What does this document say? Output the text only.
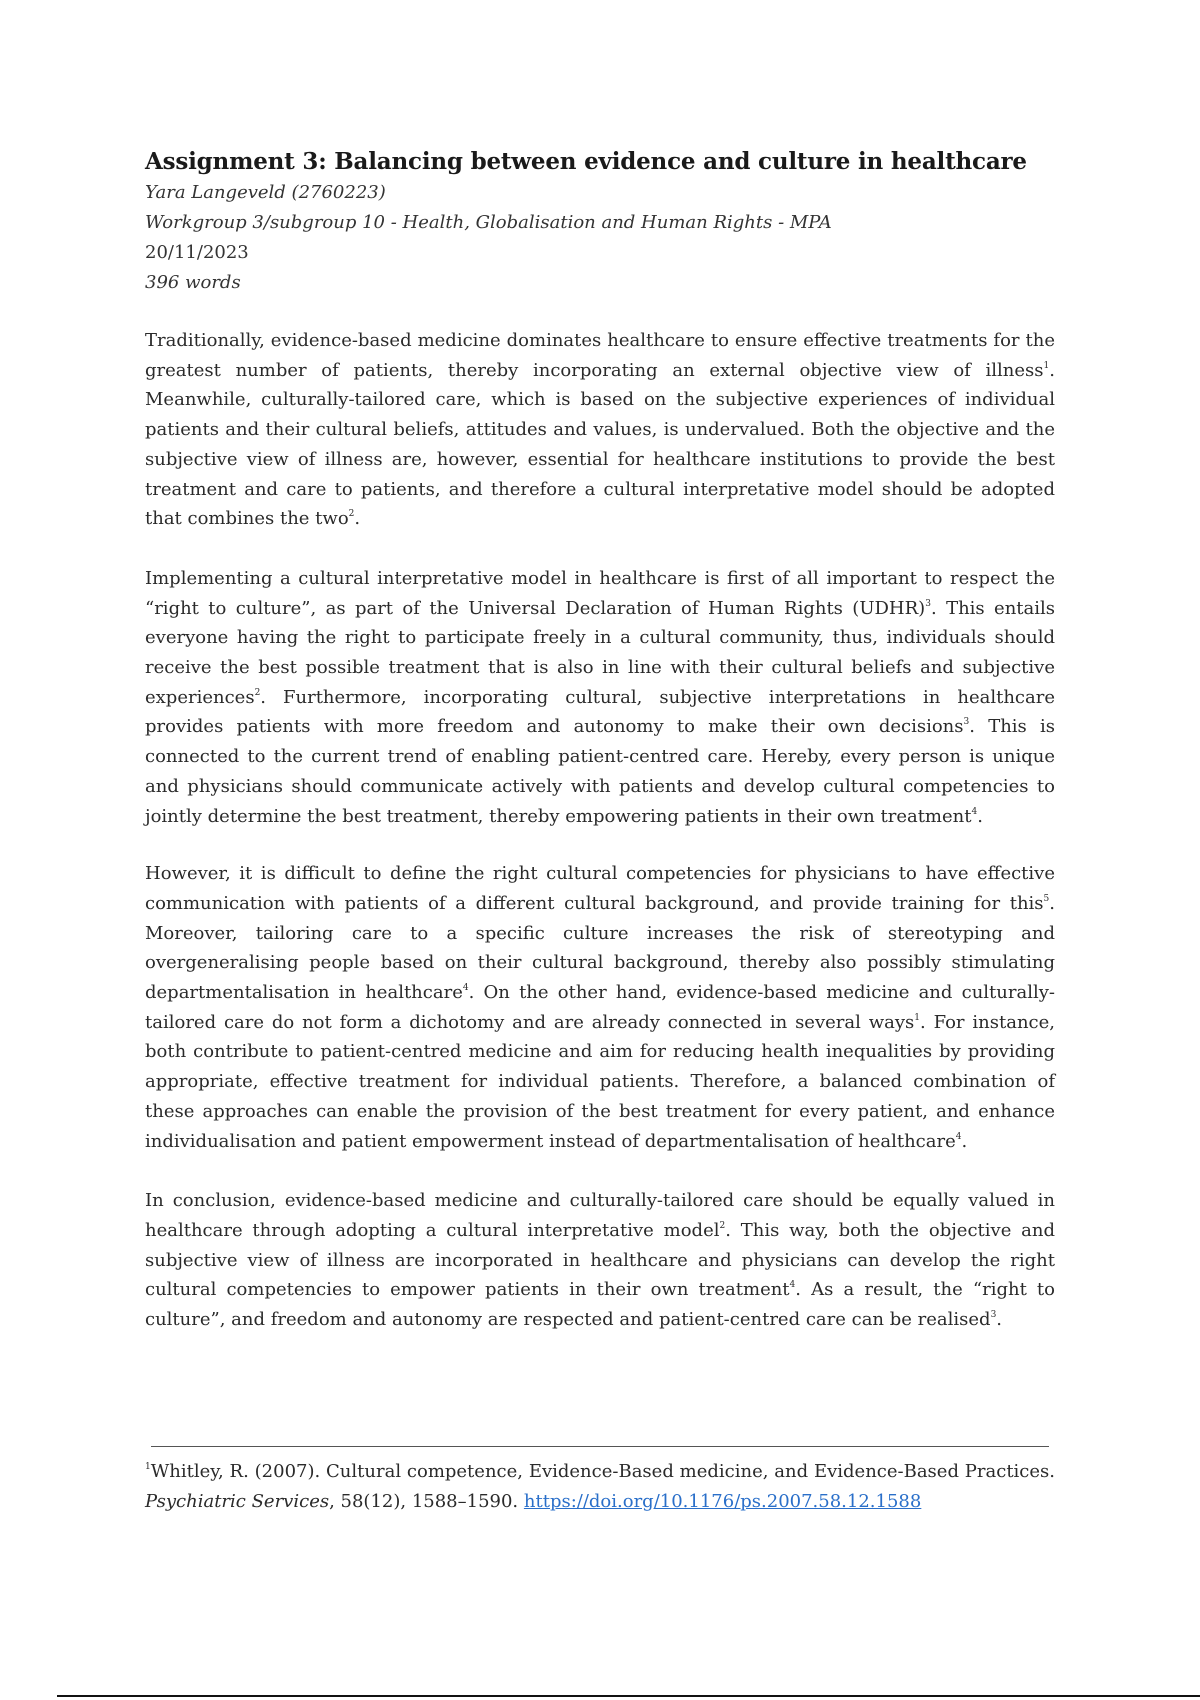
Assignment 3: Balancing between evidence and culture in healthcare
Yara Langeveld (2760223)
Workgroup 3/subgroup 10 - Health, Globalisation and Human Rights - MPA
20/11/2023
396 words

Traditionally, evidence-based medicine dominates healthcare to ensure effective treatments for the greatest number of patients, thereby incorporating an external objective view of illness$^1$. Meanwhile, culturally-tailored care, which is based on the subjective experiences of individual patients and their cultural beliefs, attitudes and values, is undervalued. Both the objective and the subjective view of illness are, however, essential for healthcare institutions to provide the best treatment and care to patients, and therefore a cultural interpretative model should be adopted that combines the two$^2$.

Implementing a cultural interpretative model in healthcare is first of all important to respect the “right to culture”, as part of the Universal Declaration of Human Rights (UDHR)$^3$. This entails everyone having the right to participate freely in a cultural community, thus, individuals should receive the best possible treatment that is also in line with their cultural beliefs and subjective experiences$^2$. Furthermore, incorporating cultural, subjective interpretations in healthcare provides patients with more freedom and autonomy to make their own decisions$^3$. This is connected to the current trend of enabling patient-centred care. Hereby, every person is unique and physicians should communicate actively with patients and develop cultural competencies to jointly determine the best treatment, thereby empowering patients in their own treatment$^4$.

However, it is difficult to define the right cultural competencies for physicians to have effective communication with patients of a different cultural background, and provide training for this$^5$. Moreover, tailoring care to a specific culture increases the risk of stereotyping and overgeneralising people based on their cultural background, thereby also possibly stimulating departmentalisation in healthcare$^4$. On the other hand, evidence-based medicine and culturally-tailored care do not form a dichotomy and are already connected in several ways$^1$. For instance, both contribute to patient-centred medicine and aim for reducing health inequalities by providing appropriate, effective treatment for individual patients. Therefore, a balanced combination of these approaches can enable the provision of the best treatment for every patient, and enhance individualisation and patient empowerment instead of departmentalisation of healthcare$^4$.

In conclusion, evidence-based medicine and culturally-tailored care should be equally valued in healthcare through adopting a cultural interpretative model$^2$. This way, both the objective and subjective view of illness are incorporated in healthcare and physicians can develop the right cultural competencies to empower patients in their own treatment$^4$. As a result, the “right to culture”, and freedom and autonomy are respected and patient-centred care can be realised$^3$.

$^1$Whitley, R. (2007). Cultural competence, Evidence-Based medicine, and Evidence-Based Practices. Psychiatric Services, 58(12), 1588–1590. https://doi.org/10.1176/ps.2007.58.12.1588
